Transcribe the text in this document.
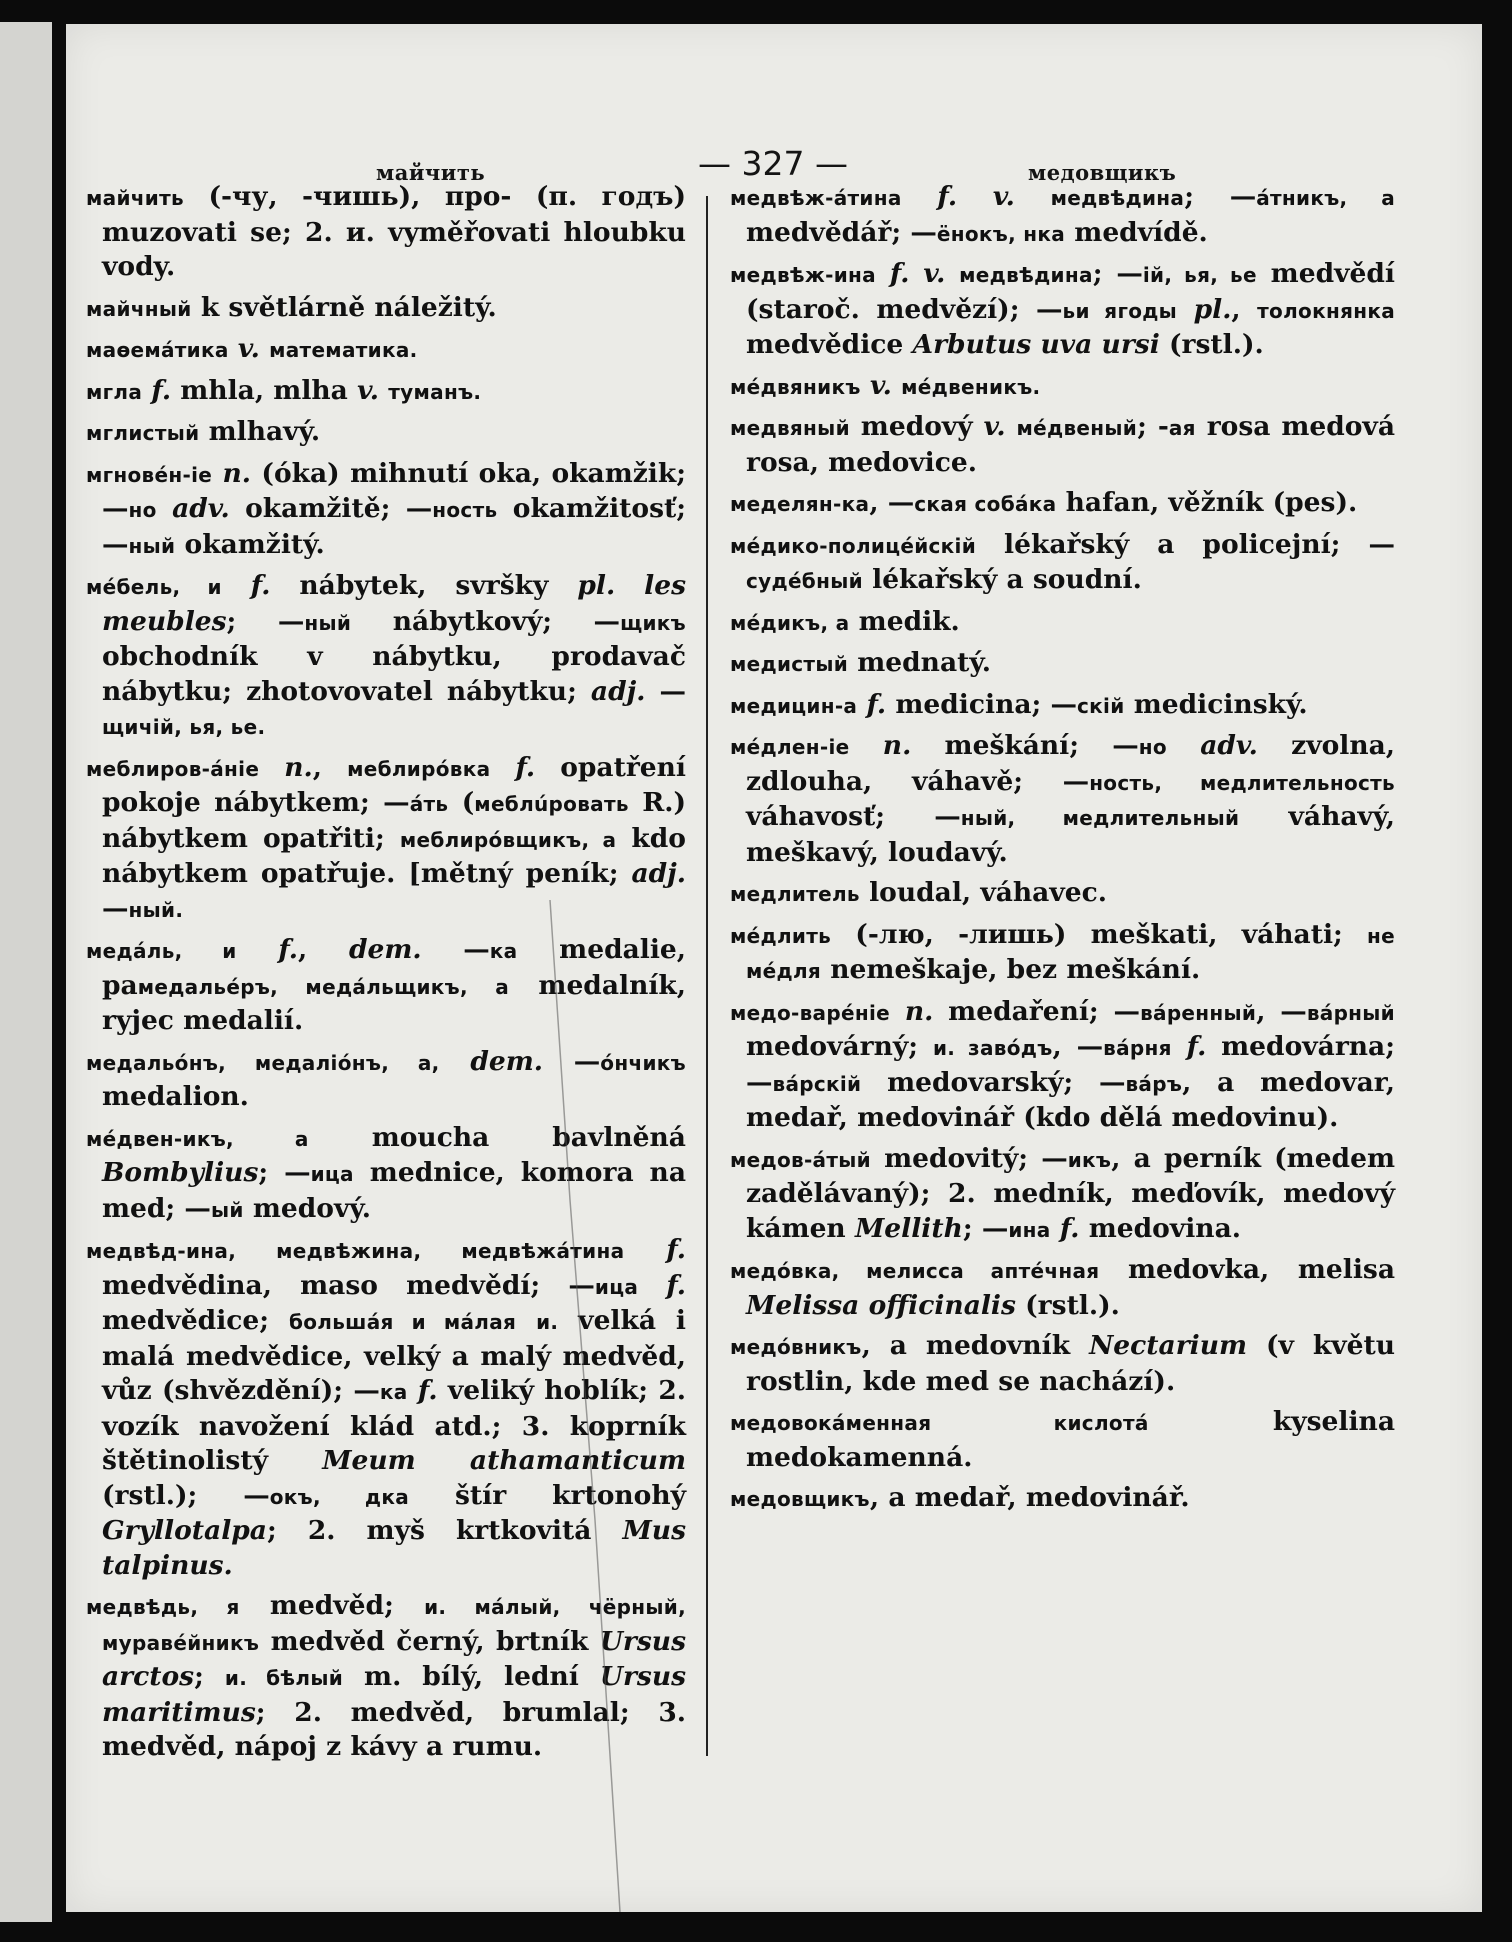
мaйчить	— 327 —	медовщикъ

мaйчить (-чу, -чишь), про- (п. годъ) muzovati se; 2. и. vyměřovati hloubku vody.

мaйчный k světlárně náležitý.

маѳемáтика v. математика.

мгла f. mhla, mlha v. туманъ.

мглистый mlhavý.

мгновéн-іе n. (óka) mihnutí oka, okamžik; —но adv. okamžitě; —ность okamžitosť; —ный okamžitý.

мéбель, и f. nábytek, svršky pl. les meubles; —ный nábytkový; —щикъ obchodník v nábytku, prodavač nábytku; zhotovovatel nábytku; adj. —щичій, ья, ье.

меблиров-áніе n., меблирóвка f. opatření pokoje nábytkem; —áть (меблúровать R.) nábytkem opatřiti; меблирóвщикъ, а kdo nábytkem opatřuje. [mětný peník; adj. —ный.

медáль, и f., dem. —ка medalie, paмедальéръ, медáльщикъ, а medalník, ryjec medalií.

медальóнъ, медаліóнъ, а, dem. —óнчикъ medalion.

мéдвен-икъ, а moucha bavlněná Bombylius; —ица mednice, komora na med; —ый medový.

медвѣд-ина, медвѣжина, медвѣжáтина f. medvědina, maso medvědí; —ица f. medvědice; большáя и мáлая и. velká i malá medvědice, velký a malý medvěd, vůz (shvězdění); —ка f. veliký hoblík; 2. vozík navožení klád atd.; 3. koprník štětinolistý Meum athamanticum (rstl.); —окъ, дка štír krtonohý Gryllotalpa; 2. myš krtkovitá Mus talpinus.

медвѣдь, я medvěd; и. мáлый, чёрный, муравéйникъ medvěd černý, brtník Ursus arctos; и. бѣлый m. bílý, lední Ursus maritimus; 2. medvěd, brumlal; 3. medvěd, nápoj z kávy a rumu.

медвѣж-áтина f. v. медвѣдина; —áтникъ, а medvědář; —ёнокъ, нка medvídě.

медвѣж-ина f. v. медвѣдина; —ій, ья, ье medvědí (staroč. medvězí); —ьи ягоды pl., толокнянка medvědice Arbutus uva ursi (rstl.).

мéдвяникъ v. мéдвеникъ.

медвяный medový v. мéдвеный; -ая rosa medová rosa, medovice.

меделян-ка, —ская собáка hafan, věžník (pes).

мéдико-полицéйскій lékařský a policejní; —судéбный lékařský a soudní.

мéдикъ, а medik.

медистый mednatý.

медицин-а f. medicina; —скій medicinský.

мéдлен-іе n. meškání; —но adv. zvolna, zdlouha, váhavě; —ность, медлительность váhavosť; —ный, медлительный váhavý, meškavý, loudavý.

медлитель loudal, váhavec.

мéдлить (-лю, -лишь) meškati, váhati; не мéдля nemeškaje, bez meškání.

медо-варéніе n. medaření; —вáренный, —вáрный medovárný; и. завóдъ, —вáрня f. medovárna; —вáрскій medovarský; —вáръ, a medovar, medař, medovinář (kdo dělá medovinu).

медов-áтый medovitý; —икъ, a perník (medem zadělávaný); 2. medník, meďovík, medový kámen Mellith; —ина f. medovina.

медóвка, мелисса аптéчная medovka, melisa Melissa officinalis (rstl.).

медóвникъ, a medovník Nectarium (v květu rostlin, kde med se nachází).

медовокáменная кислотá kyselina medokamenná.

медовщикъ, a medař, medovinář.
